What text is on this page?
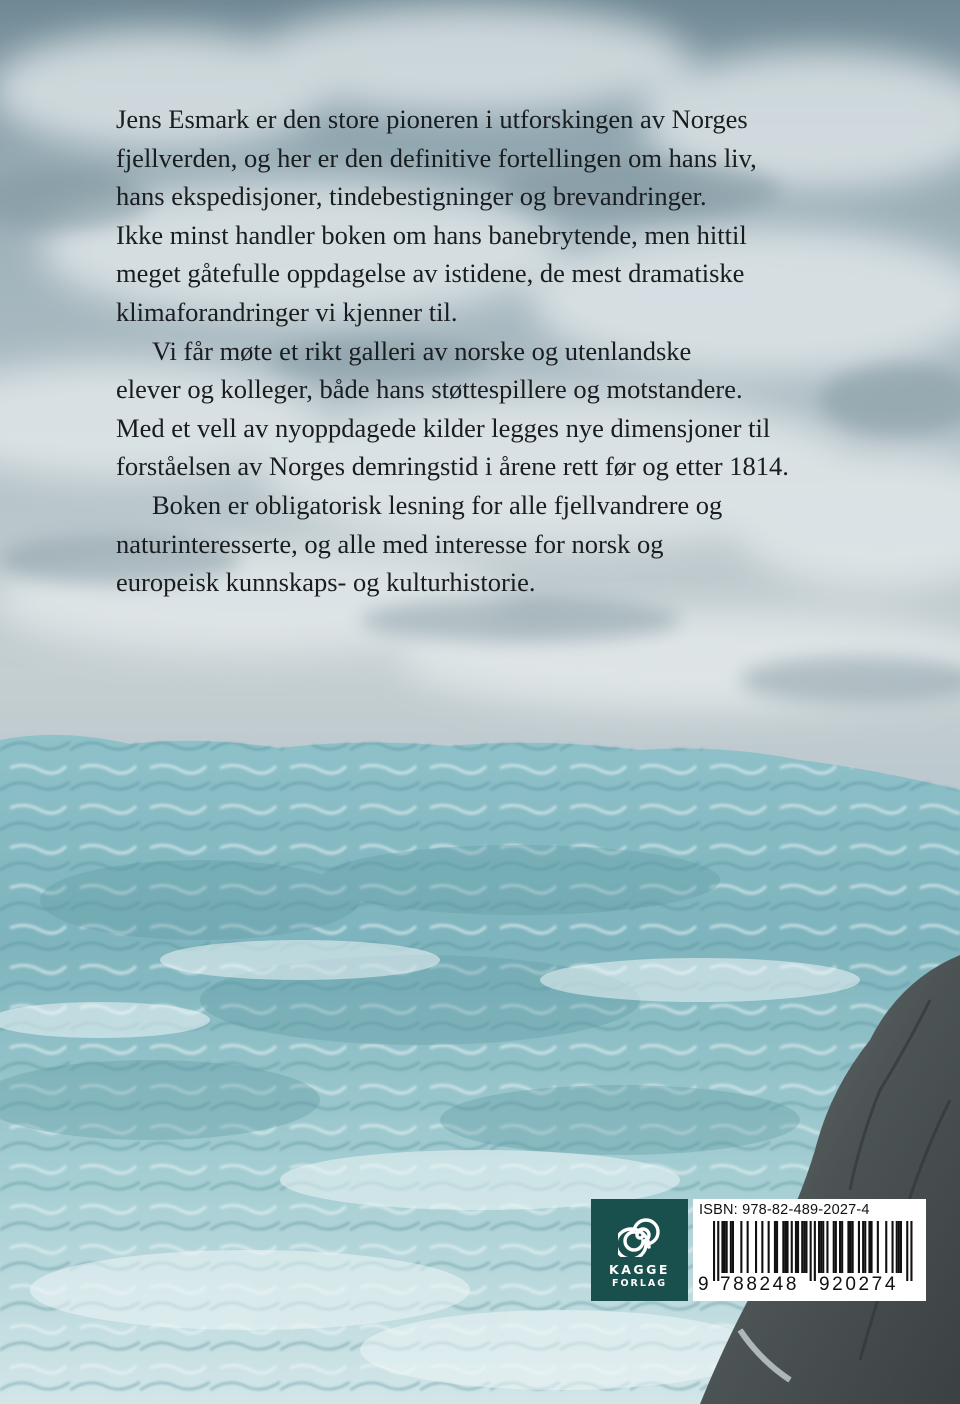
Jens Esmark er den store pioneren i utforskingen av Norges
fjellverden, og her er den definitive fortellingen om hans liv,
hans ekspedisjoner, tindebestigninger og brevandringer.
Ikke minst handler boken om hans banebrytende, men hittil
meget gåtefulle oppdagelse av istidene, de mest dramatiske
klimaforandringer vi kjenner til.

Vi får møte et rikt galleri av norske og utenlandske
elever og kolleger, både hans støttespillere og motstandere.
Med et vell av nyoppdagede kilder legges nye dimensjoner til
forståelsen av Norges demringstid i årene rett før og etter 1814.

Boken er obligatorisk lesning for alle fjellvandrere og
naturinteresserte, og alle med interesse for norsk og
europeisk kunnskaps- og kulturhistorie.

KAGGE
FORLAG
ISBN: 978-82-489-2027-4
9 788248 920274
